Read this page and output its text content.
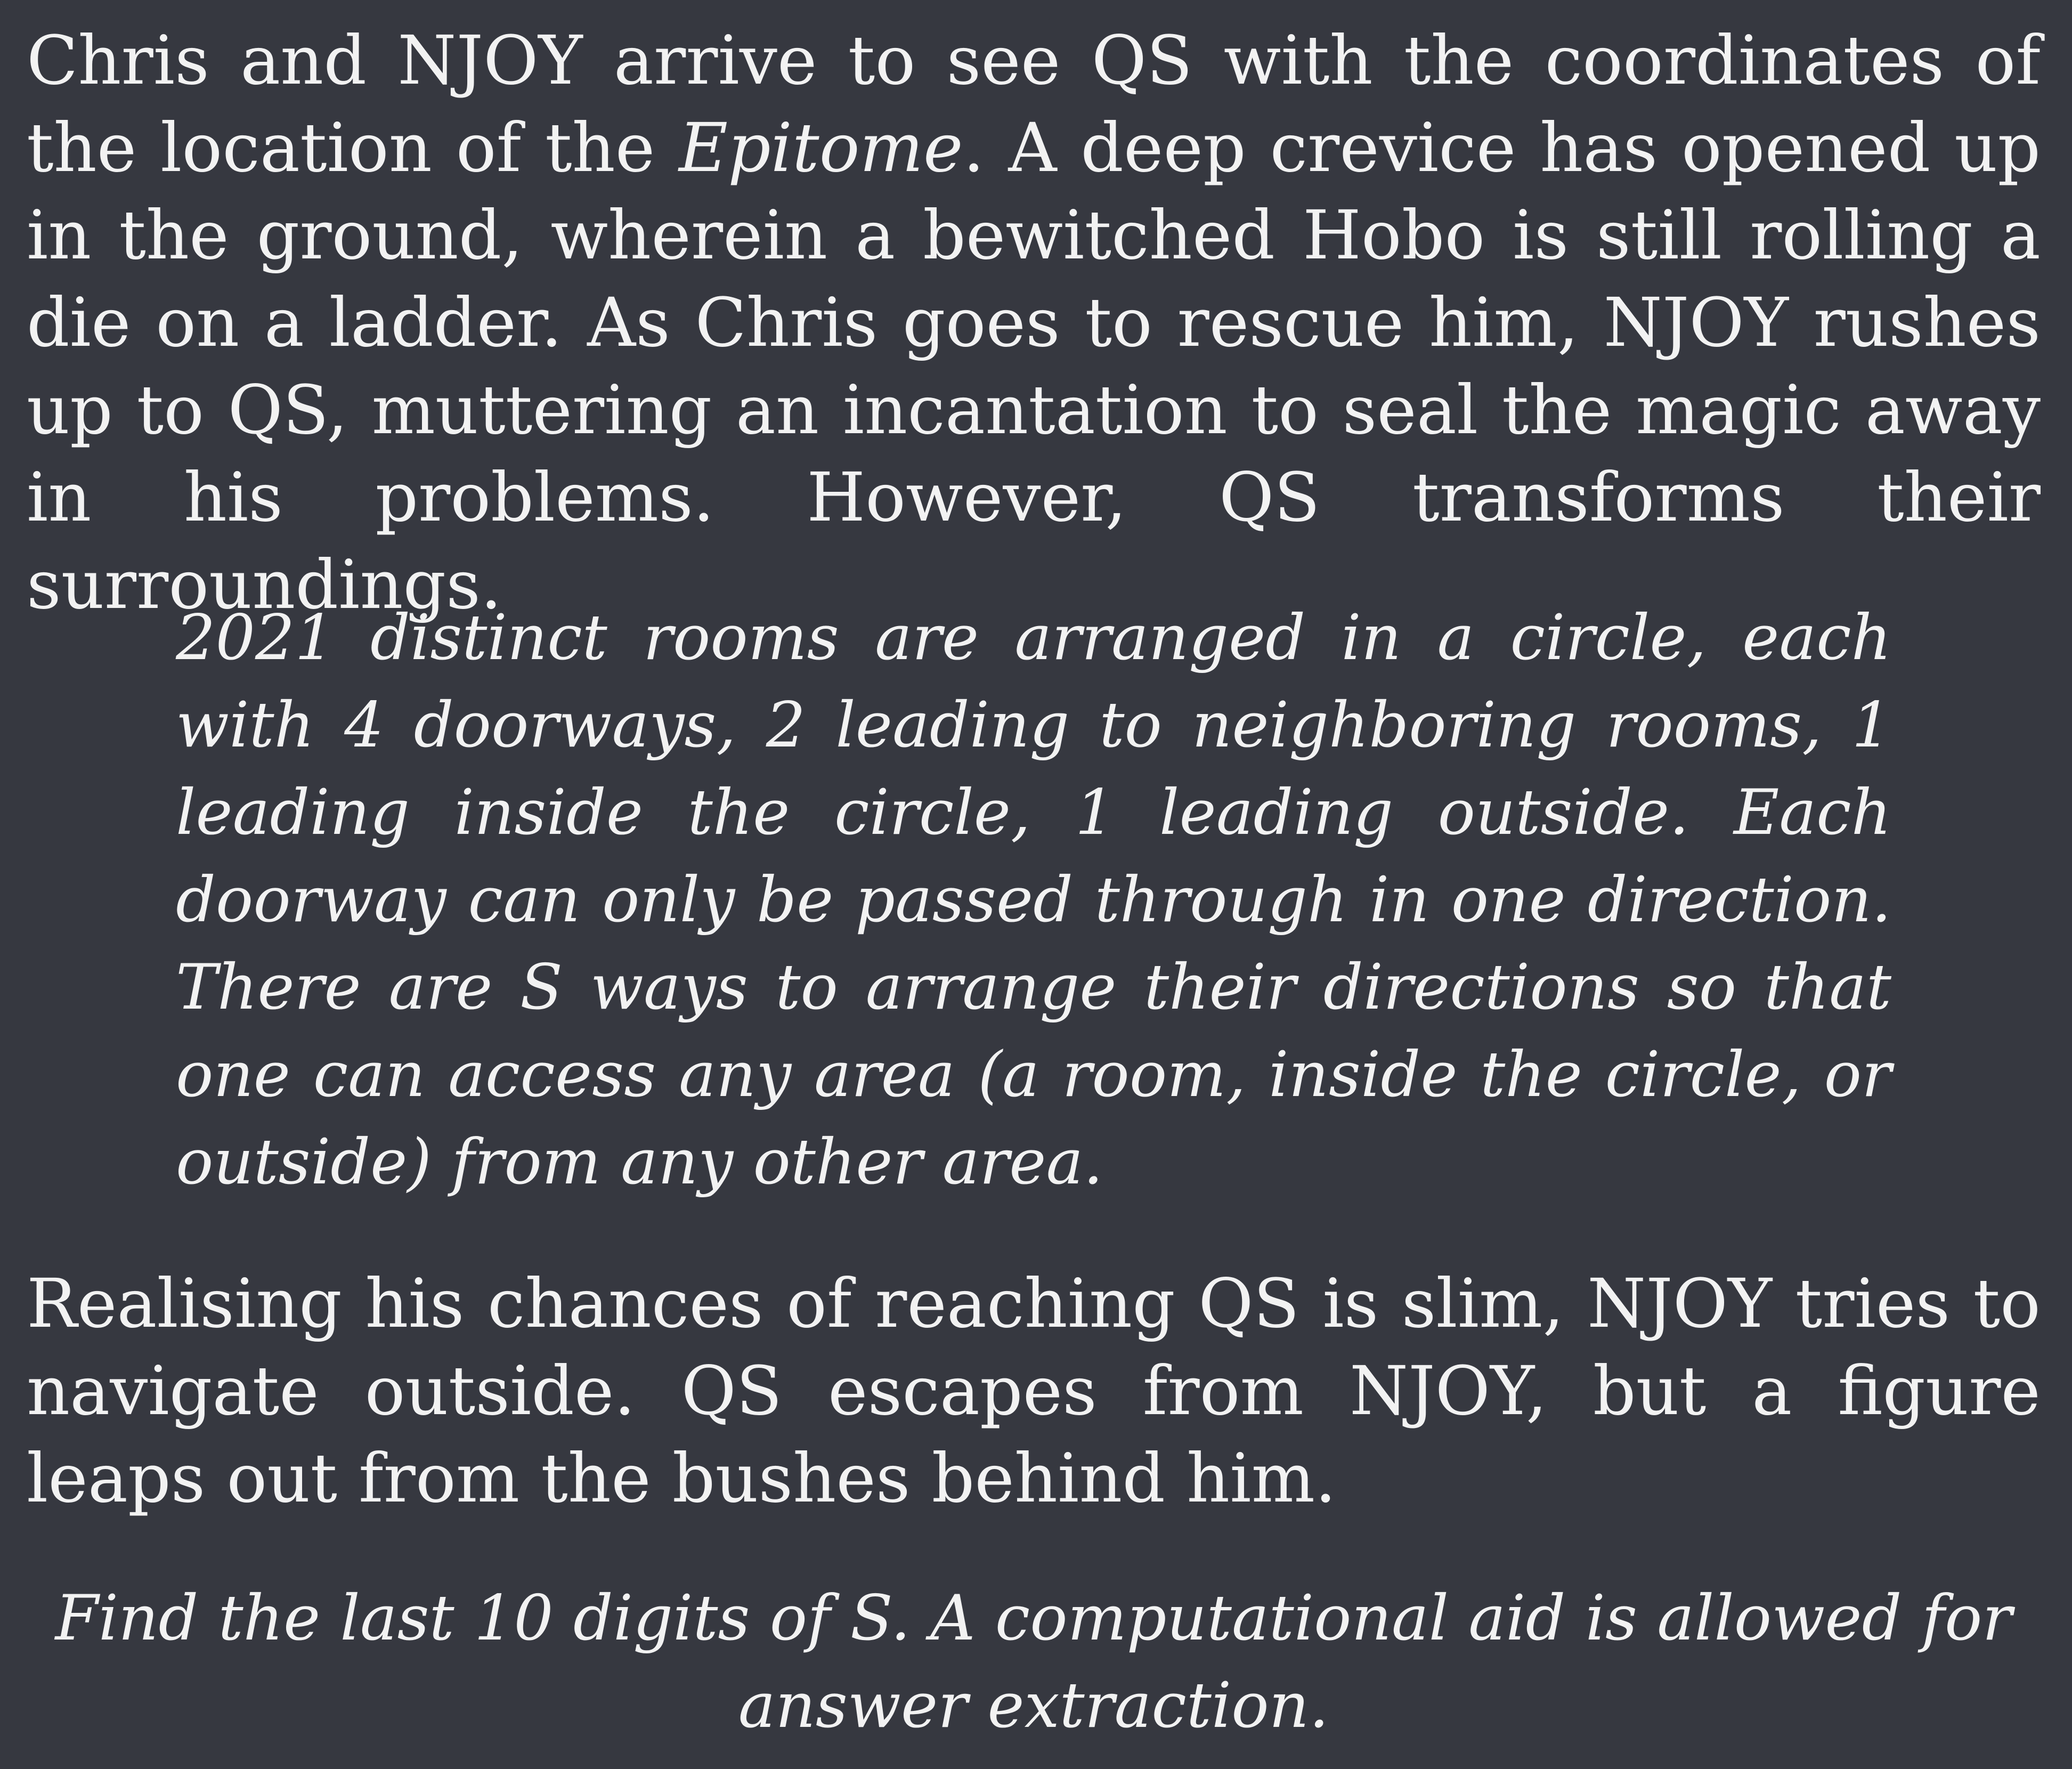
Chris and NJOY arrive to see QS with the coordinates of the location of the Epitome. A deep crevice has opened up in the ground, wherein a bewitched Hobo is still rolling a die on a ladder. As Chris goes to rescue him, NJOY rushes up to QS, muttering an incantation to seal the magic away in his problems. However, QS transforms their surroundings.

2021 distinct rooms are arranged in a circle, each with 4 doorways, 2 leading to neighboring rooms, 1 leading inside the circle, 1 leading outside. Each doorway can only be passed through in one direction. There are S ways to arrange their directions so that one can access any area (a room, inside the circle, or outside) from any other area.

Realising his chances of reaching QS is slim, NJOY tries to navigate outside. QS escapes from NJOY, but a figure leaps out from the bushes behind him.

Find the last 10 digits of S. A computational aid is allowed for answer extraction.
